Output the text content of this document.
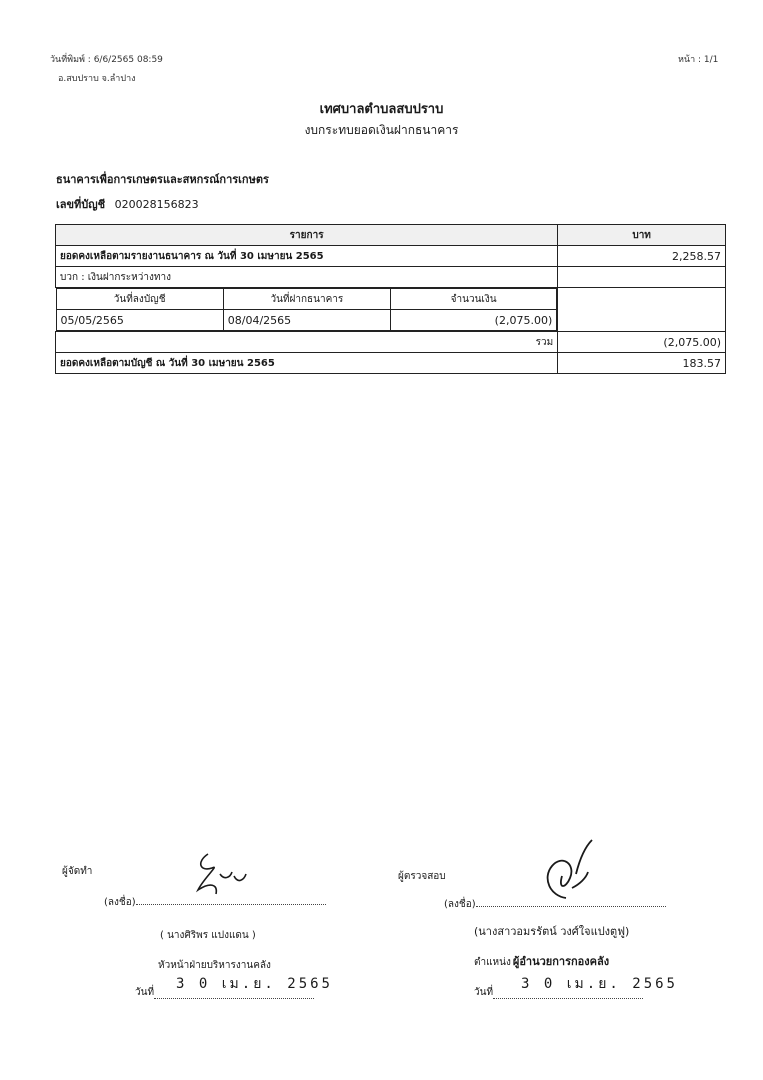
วันที่พิมพ์ : 6/6/2565 08:59
อ.สบปราบ จ.ลำปาง
หน้า : 1/1
เทศบาลตำบลสบปราบ
งบกระทบยอดเงินฝากธนาคาร
ธนาคารเพื่อการเกษตรและสหกรณ์การเกษตร
เลขที่บัญชี 020028156823
รายการ	บาท
ยอดคงเหลือตามรายงานธนาคาร ณ วันที่ 30 เมษายน 2565	2,258.57
บวก : เงินฝากระหว่างทาง	

วันที่ลงบัญชี	วันที่ฝากธนาคาร	จำนวนเงิน
05/05/2565	08/04/2565	(2,075.00)

รวม	(2,075.00)
ยอดคงเหลือตามบัญชี ณ วันที่ 30 เมษายน 2565	183.57
ผู้จัดทำ
(ลงชื่อ)
( นางศิริพร แปงแดน )
หัวหน้าฝ่ายบริหารงานคลัง
วันที่
3 0 เม.ย. 2565

ผู้ตรวจสอบ
(ลงชื่อ)
(นางสาวอมรรัตน์ วงศ์ใจแปงตูฟู)
ตำแหน่ง ผู้อำนวยการกองคลัง
วันที่
3 0 เม.ย. 2565
